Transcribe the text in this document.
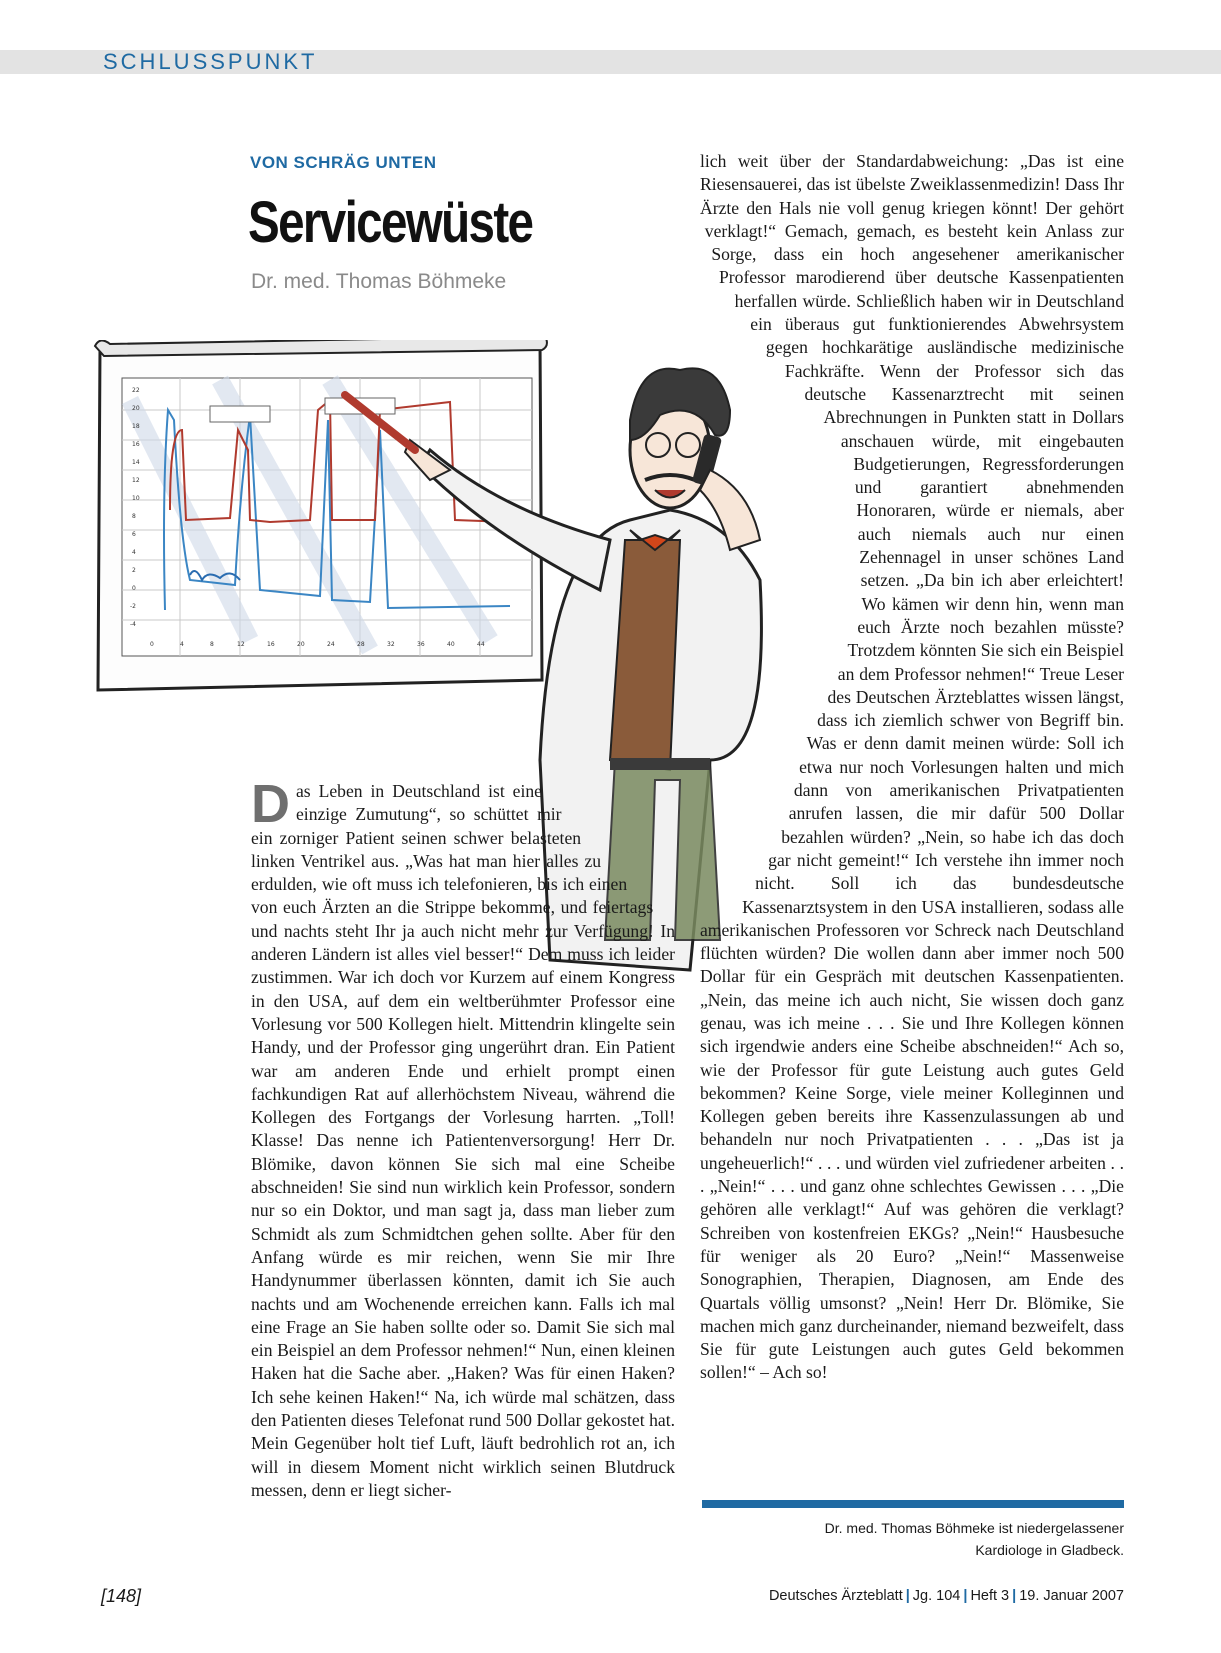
SCHLUSSPUNKT
VON SCHRÄG UNTEN
Servicewüste
Dr. med. Thomas Böhmeke
22
20
18
16
14
12
10
8
6
4
2
0
-2
-4
0	4	8	12	16	20	24	28	32	36	40	44
D as Leben in Deutschland ist eine einzige Zumutung“, so schüttet mir ein zorniger Patient seinen schwer belasteten linken Ventrikel aus. „Was hat man hier alles zu erdulden, wie oft muss ich telefonieren, bis ich einen von euch Ärzten an die Strippe bekomme, und feiertags und nachts steht Ihr ja auch nicht mehr zur Verfügung! In anderen Ländern ist alles viel besser!“ Dem muss ich leider zustimmen. War ich doch vor Kurzem auf einem Kongress in den USA, auf dem ein weltberühmter Professor eine Vorlesung vor 500 Kollegen hielt. Mittendrin klingelte sein Handy, und der Professor ging ungerührt dran. Ein Patient war am anderen Ende und erhielt prompt einen fachkundigen Rat auf allerhöchstem Niveau, während die Kollegen des Fortgangs der Vorlesung harrten. „Toll! Klasse! Das nenne ich Patientenversorgung! Herr Dr. Blömike, davon können Sie sich mal eine Scheibe abschneiden! Sie sind nun wirklich kein Professor, sondern nur so ein Doktor, und man sagt ja, dass man lieber zum Schmidt als zum Schmidtchen gehen sollte. Aber für den Anfang würde es mir reichen, wenn Sie mir Ihre Handynummer überlassen könnten, damit ich Sie auch nachts und am Wochenende erreichen kann. Falls ich mal eine Frage an Sie haben sollte oder so. Damit Sie sich mal ein Beispiel an dem Professor nehmen!“ Nun, einen kleinen Haken hat die Sache aber. „Haken? Was für einen Haken? Ich sehe keinen Haken!“ Na, ich würde mal schätzen, dass den Patienten dieses Telefonat rund 500 Dollar gekostet hat. Mein Gegenüber holt tief Luft, läuft bedrohlich rot an, ich will in diesem Moment nicht wirklich seinen Blutdruck messen, denn er liegt sicher-
lich weit über der Standardabweichung: „Das ist eine Riesensauerei, das ist übelste Zweiklassenmedizin! Dass Ihr Ärzte den Hals nie voll genug kriegen könnt! Der gehört verklagt!“ Gemach, gemach, es besteht kein Anlass zur Sorge, dass ein hoch angesehener amerikanischer Professor marodierend über deutsche Kassenpatienten herfallen würde. Schließlich haben wir in Deutschland ein überaus gut funktionierendes Abwehrsystem gegen hochkarätige ausländische medizinische Fachkräfte. Wenn der Professor sich das deutsche Kassenarztrecht mit seinen Abrechnungen in Punkten statt in Dollars anschauen würde, mit eingebauten Budgetierungen, Regressforderungen und garantiert abnehmenden Honoraren, würde er niemals, aber auch niemals auch nur einen Zehennagel in unser schönes Land setzen. „Da bin ich aber erleichtert! Wo kämen wir denn hin, wenn man euch Ärzte noch bezahlen müsste? Trotzdem könnten Sie sich ein Beispiel an dem Professor nehmen!“ Treue Leser des Deutschen Ärzteblattes wissen längst, dass ich ziemlich schwer von Begriff bin. Was er denn damit meinen würde: Soll ich etwa nur noch Vorlesungen halten und mich dann von amerikanischen Privatpatienten anrufen lassen, die mir dafür 500 Dollar bezahlen würden? „Nein, so habe ich das doch gar nicht gemeint!“ Ich verstehe ihn immer noch nicht. Soll ich das bundesdeutsche Kassenarztsystem in den USA installieren, sodass alle amerikanischen Professoren vor Schreck nach Deutschland flüchten würden? Die wollen dann aber immer noch 500 Dollar für ein Gespräch mit deutschen Kassenpatienten. „Nein, das meine ich auch nicht, Sie wissen doch ganz genau, was ich meine . . . Sie und Ihre Kollegen können sich irgendwie anders eine Scheibe abschneiden!“ Ach so, wie der Professor für gute Leistung auch gutes Geld bekommen? Keine Sorge, viele meiner Kolleginnen und Kollegen geben bereits ihre Kassenzulassungen ab und behandeln nur noch Privatpatienten . . . „Das ist ja ungeheuerlich!“ . . . und würden viel zufriedener arbeiten . . . „Nein!“ . . . und ganz ohne schlechtes Gewissen . . . „Die gehören alle verklagt!“ Auf was gehören die verklagt? Schreiben von kostenfreien EKGs? „Nein!“ Hausbesuche für weniger als 20 Euro? „Nein!“ Massenweise Sonographien, Therapien, Diagnosen, am Ende des Quartals völlig umsonst? „Nein! Herr Dr. Blömike, Sie machen mich ganz durcheinander, niemand bezweifelt, dass Sie für gute Leistungen auch gutes Geld bekommen sollen!“ – Ach so!
Dr. med. Thomas Böhmeke ist niedergelassener
Kardiologe in Gladbeck.
[148]	Deutsches Ärzteblatt | Jg. 104 | Heft 3 | 19. Januar 2007
